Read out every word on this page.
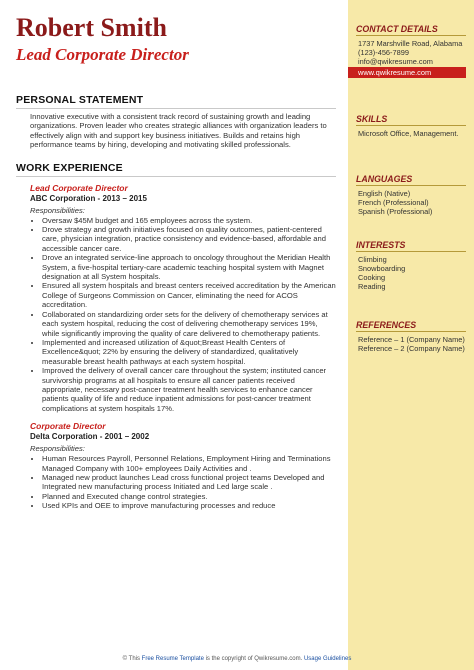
Robert Smith
Lead Corporate Director
PERSONAL STATEMENT
Innovative executive with a consistent track record of sustaining growth and leading organizations. Proven leader who creates strategic alliances with organization leaders to effectively align with and support key business initiatives. Builds and retains high performance teams by hiring, developing and motivating skilled professionals.
WORK EXPERIENCE
Lead Corporate Director
ABC Corporation - 2013 – 2015
Responsibilities:
• Oversaw $45M budget and 165 employees across the system.
• Drove strategy and growth initiatives focused on quality outcomes, patient-centered care, physician integration, practice consistency and evidence-based, affordable and accessible cancer care.
• Drove an integrated service-line approach to oncology throughout the Meridian Health System, a five-hospital tertiary-care academic teaching hospital system with Magnet designation at all System hospitals.
• Ensured all system hospitals and breast centers received accreditation by the American College of Surgeons Commission on Cancer, eliminating the need for ACOS accreditation.
• Collaborated on standardizing order sets for the delivery of chemotherapy services at each system hospital, reducing the cost of delivering chemotherapy services 19%, while significantly improving the quality of care delivered to chemotherapy patients.
• Implemented and increased utilization of &quot;Breast Health Centers of Excellence&quot; 22% by ensuring the delivery of standardized, qualitatively measurable breast health pathways at each system hospital.
• Improved the delivery of overall cancer care throughout the system; instituted cancer survivorship programs at all hospitals to ensure all cancer patients received appropriate, necessary post-cancer treatment health services to enhance cancer patients quality of life and reduce inpatient admissions for post-cancer treatment complications at system hospitals 17%.
Corporate Director
Delta Corporation - 2001 – 2002
Responsibilities:
• Human Resources Payroll, Personnel Relations, Employment Hiring and Terminations Managed Company with 100+ employees Daily Activities and .
• Managed new product launches Lead cross functional project teams Developed and Integrated new manufacturing process Initiated and Led large scale .
• Planned and Executed change control strategies.
• Used KPIs and OEE to improve manufacturing processes and reduce
CONTACT DETAILS
1737 Marshville Road, Alabama
(123)-456-7899
info@qwikresume.com
www.qwikresume.com
SKILLS
Microsoft Office, Management.
LANGUAGES
English (Native)
French (Professional)
Spanish (Professional)
INTERESTS
Climbing
Snowboarding
Cooking
Reading
REFERENCES
Reference – 1 (Company Name)
Reference – 2 (Company Name)
© This Free Resume Template is the copyright of Qwikresume.com. Usage Guidelines
